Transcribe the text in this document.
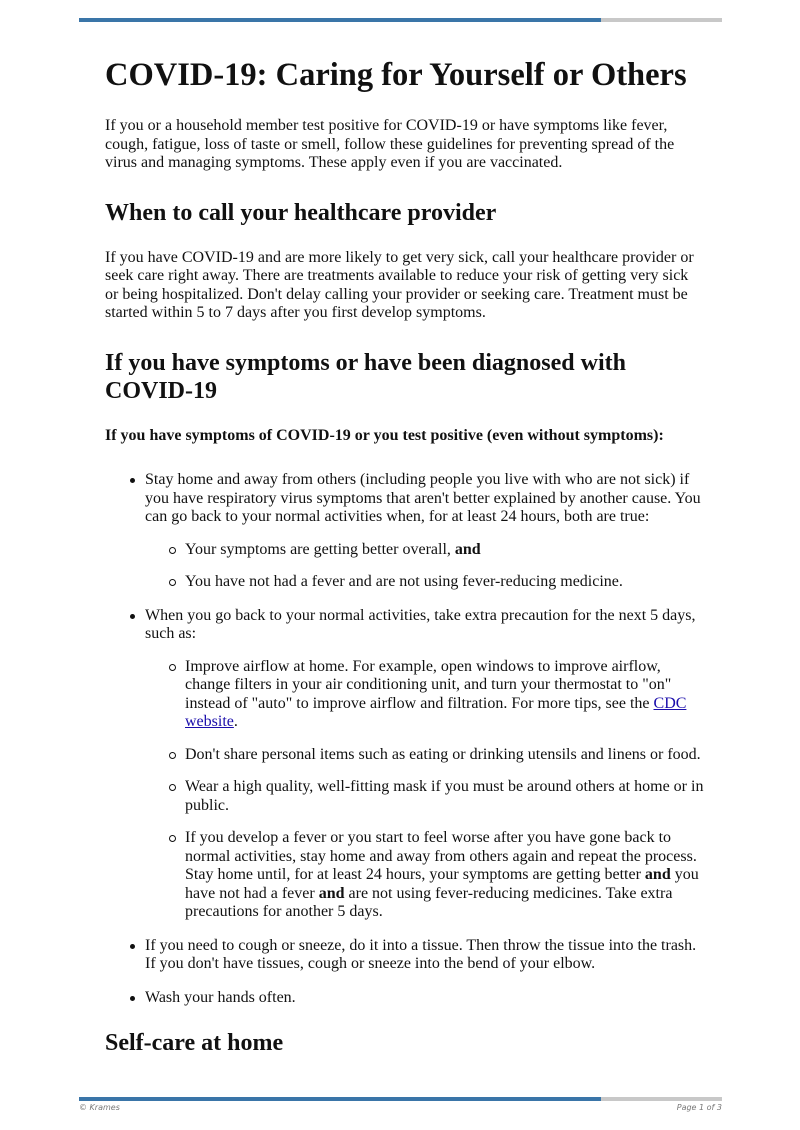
COVID-19: Caring for Yourself or Others

If you or a household member test positive for COVID-19 or have symptoms like fever, cough, fatigue, loss of taste or smell, follow these guidelines for preventing spread of the virus and managing symptoms. These apply even if you are vaccinated.

When to call your healthcare provider

If you have COVID-19 and are more likely to get very sick, call your healthcare provider or seek care right away. There are treatments available to reduce your risk of getting very sick or being hospitalized. Don't delay calling your provider or seeking care. Treatment must be started within 5 to 7 days after you first develop symptoms.

If you have symptoms or have been diagnosed with COVID-19

If you have symptoms of COVID-19 or you test positive (even without symptoms):

Stay home and away from others (including people you live with who are not sick) if you have respiratory virus symptoms that aren't better explained by another cause. You can go back to your normal activities when, for at least 24 hours, both are true:
Your symptoms are getting better overall, and
You have not had a fever and are not using fever-reducing medicine.
When you go back to your normal activities, take extra precaution for the next 5 days, such as:
Improve airflow at home. For example, open windows to improve airflow, change filters in your air conditioning unit, and turn your thermostat to "on" instead of "auto" to improve airflow and filtration. For more tips, see the CDC website.
Don't share personal items such as eating or drinking utensils and linens or food.
Wear a high quality, well-fitting mask if you must be around others at home or in public.
If you develop a fever or you start to feel worse after you have gone back to normal activities, stay home and away from others again and repeat the process. Stay home until, for at least 24 hours, your symptoms are getting better and you have not had a fever and are not using fever-reducing medicines. Take extra precautions for another 5 days.
If you need to cough or sneeze, do it into a tissue. Then throw the tissue into the trash. If you don't have tissues, cough or sneeze into the bend of your elbow.
Wash your hands often.
Self-care at home
© Krames	Page 1 of 3
